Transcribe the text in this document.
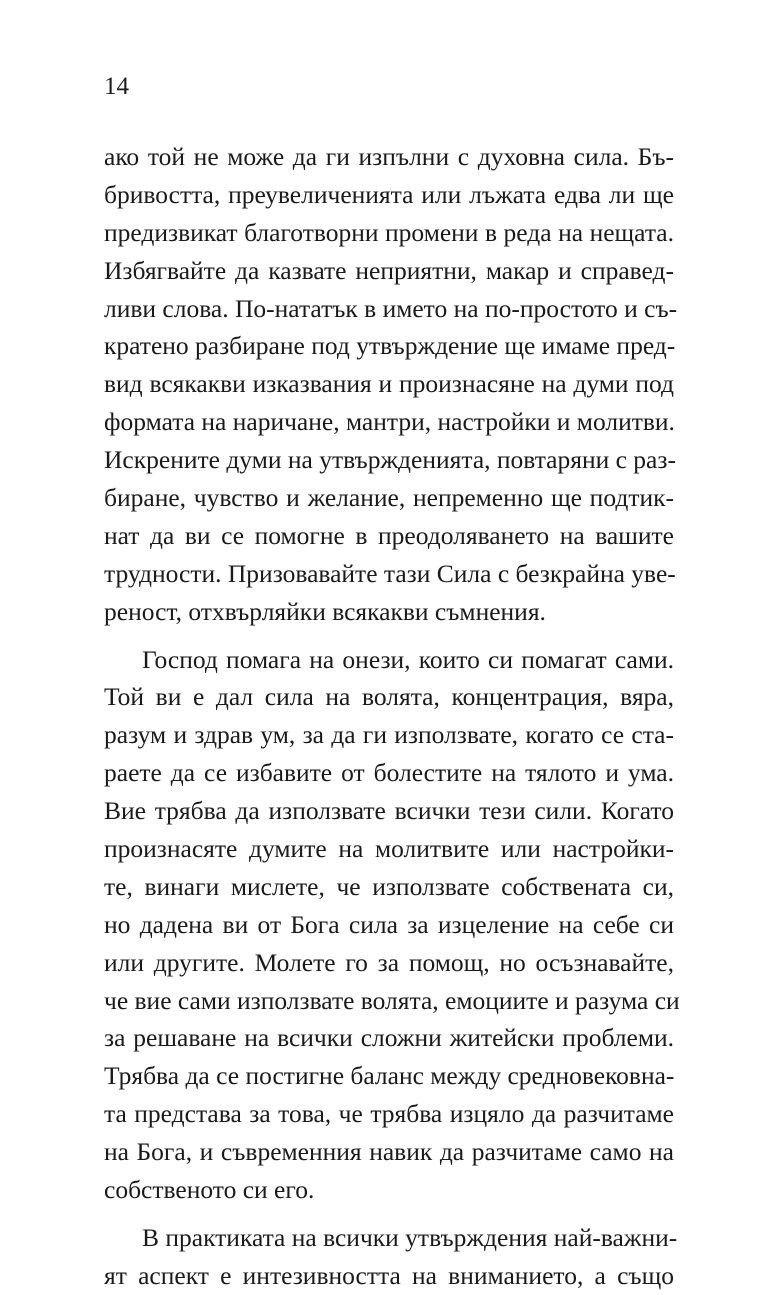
14
ако той не може да ги изпълни с духовна сила. Бъ-
бривостта, преувеличенията или лъжата едва ли ще
предизвикат благотворни промени в реда на нещата.
Избягвайте да казвате неприятни, макар и справед-
ливи слова. По-нататък в името на по-простото и съ-
кратено разбиране под утвърждение ще имаме пред-
вид всякакви изказвания и произнасяне на думи под
формата на наричане, мантри, настройки и молитви.
Искрените думи на утвържденията, повтаряни с раз-
биране, чувство и желание, непременно ще подтик-
нат да ви се помогне в преодоляването на вашите
трудности. Призовавайте тази Сила с безкрайна уве-
реност, отхвърляйки всякакви съмнения.
Господ помага на онези, които си помагат сами.
Той ви е дал сила на волята, концентрация, вяра,
разум и здрав ум, за да ги използвате, когато се ста-
раете да се избавите от болестите на тялото и ума.
Вие трябва да използвате всички тези сили. Когато
произнасяте думите на молитвите или настройки-
те, винаги мислете, че използвате собствената си,
но дадена ви от Бога сила за изцеление на себе си
или другите. Молете го за помощ, но осъзнавайте,
че вие сами използвате волята, емоциите и разума си
за решаване на всички сложни житейски проблеми.
Трябва да се постигне баланс между средновековна-
та представа за това, че трябва изцяло да разчитаме
на Бога, и съвременния навик да разчитаме само на
собственото си его.
В практиката на всички утвърждения най-важни-
ят аспект е интезивността на вниманието, а също
